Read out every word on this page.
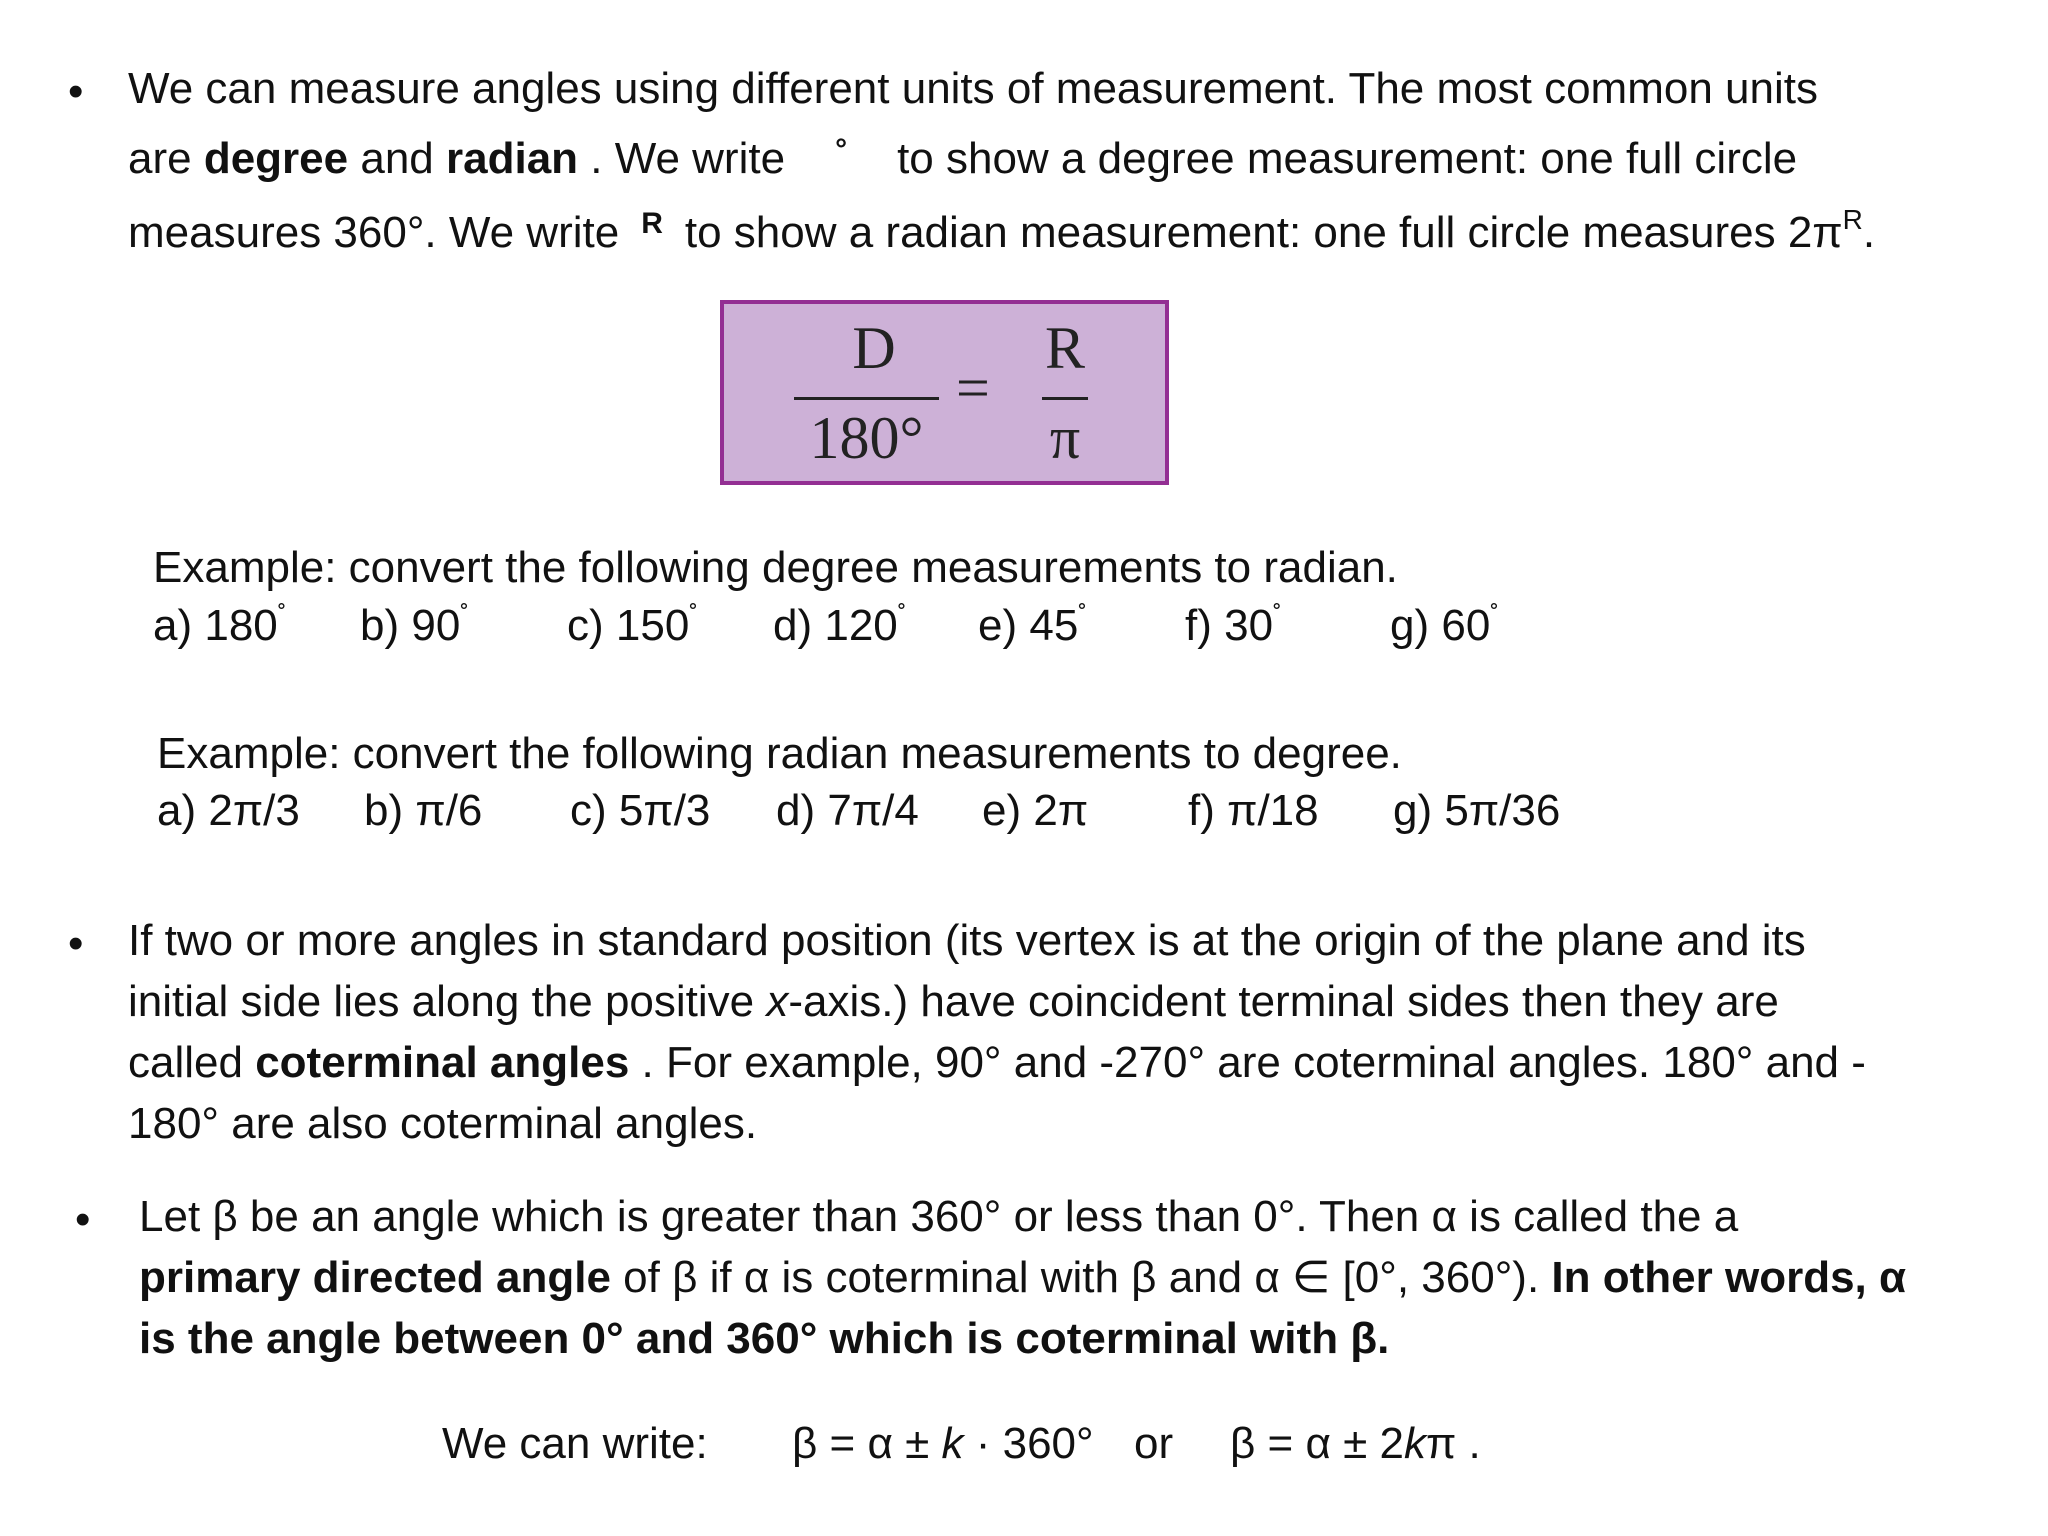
• We can measure angles using different units of measurement. The most common units
are degree and radian . We write ° to show a degree measurement: one full circle
measures 360°. We write $^R$ to show a radian measurement: one full circle measures $2\pi^R$.
D
180°
=
R
π
Example: convert the following degree measurements to radian.
a) 180˚ b) 90˚ c) 150˚ d) 120˚ e) 45˚ f) 30˚ g) 60˚
Example: convert the following radian measurements to degree.
a) 2π/3 b) π/6 c) 5π/3 d) 7π/4 e) 2π f) π/18 g) 5π/36
• If two or more angles in standard position (its vertex is at the origin of the plane and its
initial side lies along the positive x-axis.) have coincident terminal sides then they are
called coterminal angles . For example, 90° and -270° are coterminal angles. 180° and -
180° are also coterminal angles.
• Let β be an angle which is greater than 360° or less than 0°. Then α is called the a
primary directed angle of β if α is coterminal with β and α ∈ [0°, 360°). In other words, α
is the angle between 0° and 360° which is coterminal with β.
We can write: β = α ± k · 360° or β = α ± 2kπ .
